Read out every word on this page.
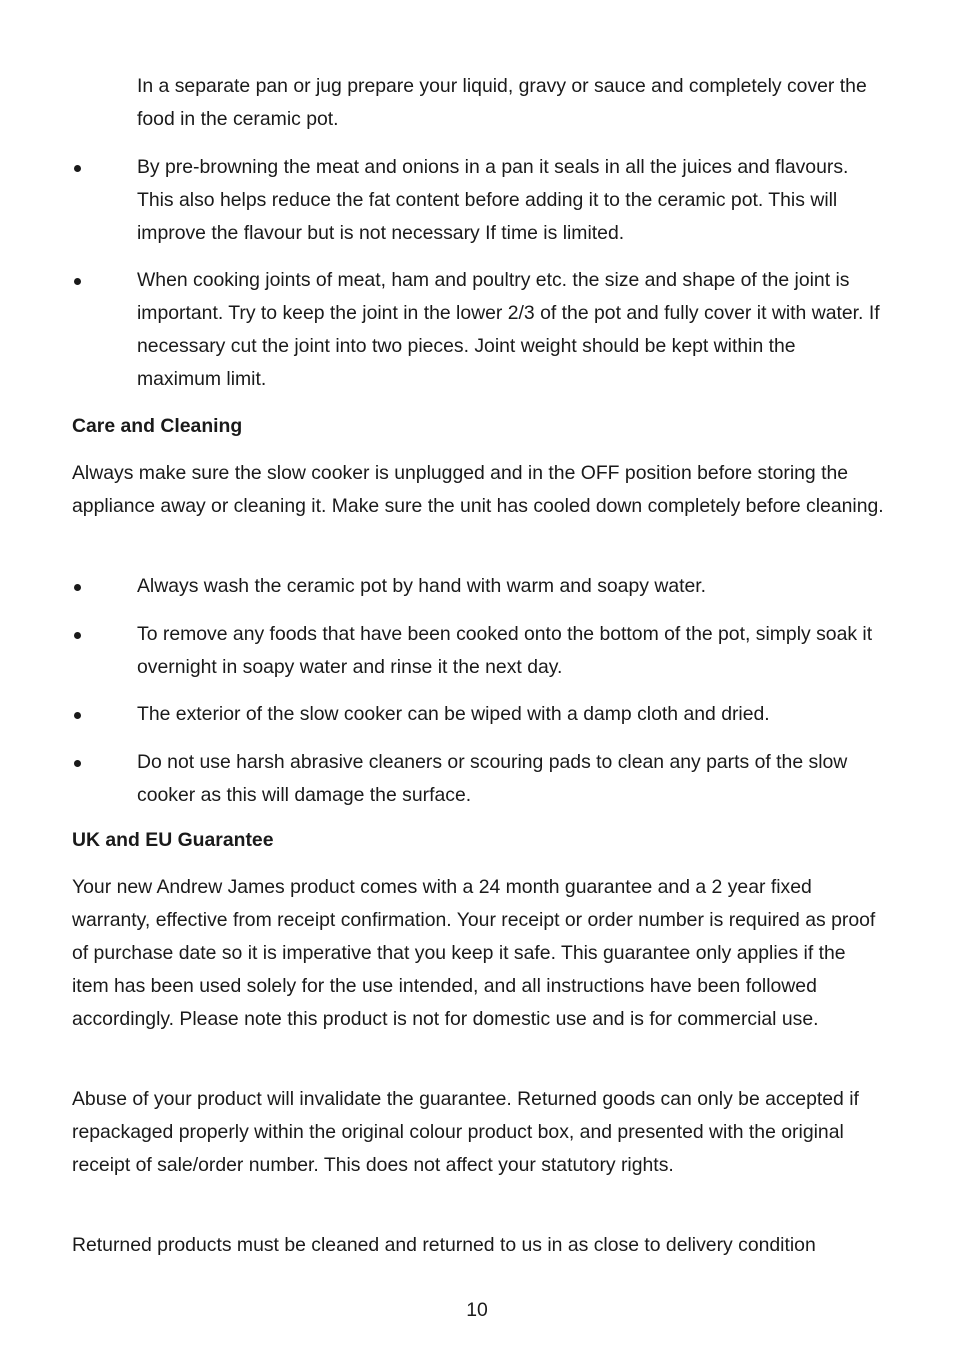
In a separate pan or jug prepare your liquid, gravy or sauce and completely cover the food in the ceramic pot.

By pre-browning the meat and onions in a pan it seals in all the juices and flavours. This also helps reduce the fat content before adding it to the ceramic pot. This will improve the flavour but is not necessary If time is limited.

When cooking joints of meat, ham and poultry etc. the size and shape of the joint is important. Try to keep the joint in the lower 2/3 of the pot and fully cover it with water. If necessary cut the joint into two pieces. Joint weight should be kept within the maximum limit.

Care and Cleaning

Always make sure the slow cooker is unplugged and in the OFF position before storing the appliance away or cleaning it. Make sure the unit has cooled down completely before cleaning.

Always wash the ceramic pot by hand with warm and soapy water.

To remove any foods that have been cooked onto the bottom of the pot, simply soak it overnight in soapy water and rinse it the next day.

The exterior of the slow cooker can be wiped with a damp cloth and dried.

Do not use harsh abrasive cleaners or scouring pads to clean any parts of the slow cooker as this will damage the surface.

UK and EU Guarantee

Your new Andrew James product comes with a 24 month guarantee and a 2 year fixed warranty, effective from receipt confirmation. Your receipt or order number is required as proof of purchase date so it is imperative that you keep it safe. This guarantee only applies if the item has been used solely for the use intended, and all instructions have been followed accordingly. Please note this product is not for domestic use and is for commercial use.

Abuse of your product will invalidate the guarantee. Returned goods can only be accepted if repackaged properly within the original colour product box, and presented with the original receipt of sale/order number. This does not affect your statutory rights.

Returned products must be cleaned and returned to us in as close to delivery condition

10
